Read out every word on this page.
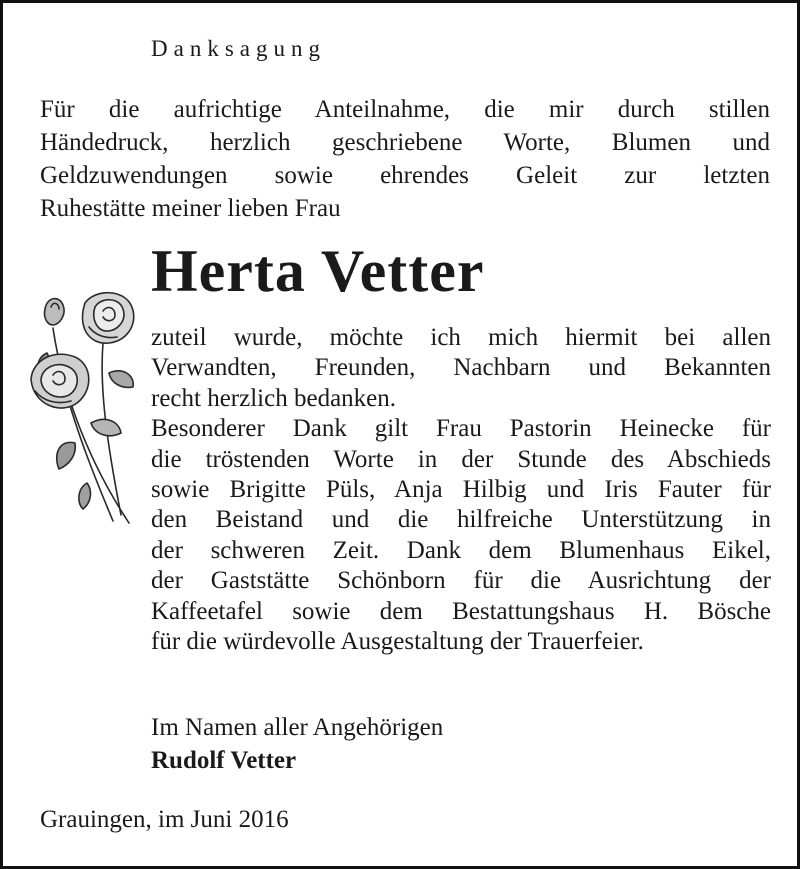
Danksagung
Für die aufrichtige Anteilnahme, die mir durch stillen
Händedruck, herzlich geschriebene Worte, Blumen und
Geldzuwendungen sowie ehrendes Geleit zur letzten
Ruhestätte meiner lieben Frau
Herta Vetter
zuteil wurde, möchte ich mich hiermit bei allen
Verwandten, Freunden, Nachbarn und Bekannten
recht herzlich bedanken.
Besonderer Dank gilt Frau Pastorin Heinecke für
die tröstenden Worte in der Stunde des Abschieds
sowie Brigitte Püls, Anja Hilbig und Iris Fauter für
den Beistand und die hilfreiche Unterstützung in
der schweren Zeit. Dank dem Blumenhaus Eikel,
der Gaststätte Schönborn für die Ausrichtung der
Kaffeetafel sowie dem Bestattungshaus H. Bösche
für die würdevolle Ausgestaltung der Trauerfeier.
Im Namen aller Angehörigen
Rudolf Vetter
Grauingen, im Juni 2016
